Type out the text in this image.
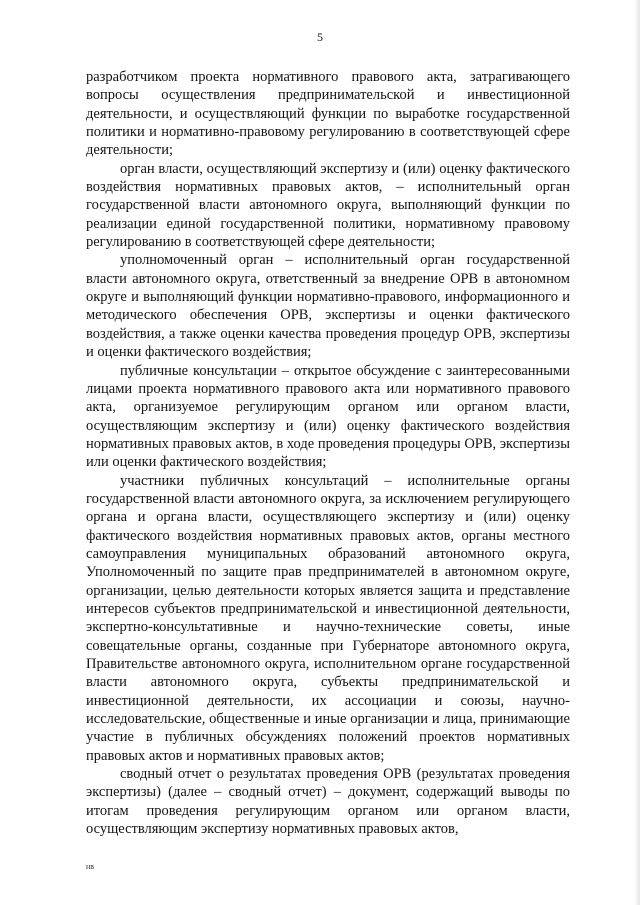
5

разработчиком проекта нормативного правового акта, затрагивающего вопросы осуществления предпринимательской и инвестиционной деятельности, и осуществляющий функции по выработке государственной политики и нормативно-правовому регулированию в соответствующей сфере деятельности;

орган власти, осуществляющий экспертизу и (или) оценку фактического воздействия нормативных правовых актов, – исполнительный орган государственной власти автономного округа, выполняющий функции по реализации единой государственной политики, нормативному правовому регулированию в соответствующей сфере деятельности;

уполномоченный орган – исполнительный орган государственной власти автономного округа, ответственный за внедрение ОРВ в автономном округе и выполняющий функции нормативно-правового, информационного и методического обеспечения ОРВ, экспертизы и оценки фактического воздействия, а также оценки качества проведения процедур ОРВ, экспертизы и оценки фактического воздействия;

публичные консультации – открытое обсуждение с заинтересованными лицами проекта нормативного правового акта или нормативного правового акта, организуемое регулирующим органом или органом власти, осуществляющим экспертизу и (или) оценку фактического воздействия нормативных правовых актов, в ходе проведения процедуры ОРВ, экспертизы или оценки фактического воздействия;

участники публичных консультаций – исполнительные органы государственной власти автономного округа, за исключением регулирующего органа и органа власти, осуществляющего экспертизу и (или) оценку фактического воздействия нормативных правовых актов, органы местного самоуправления муниципальных образований автономного округа, Уполномоченный по защите прав предпринимателей в автономном округе, организации, целью деятельности которых является защита и представление интересов субъектов предпринимательской и инвестиционной деятельности, экспертно-консультативные и научно-технические советы, иные совещательные органы, созданные при Губернаторе автономного округа, Правительстве автономного округа, исполнительном органе государственной власти автономного округа, субъекты предпринимательской и инвестиционной деятельности, их ассоциации и союзы, научно-исследовательские, общественные и иные организации и лица, принимающие участие в публичных обсуждениях положений проектов нормативных правовых актов и нормативных правовых актов;

сводный отчет о результатах проведения ОРВ (результатах проведения экспертизы) (далее – сводный отчет) – документ, содержащий выводы по итогам проведения регулирующим органом или органом власти, осуществляющим экспертизу нормативных правовых актов,

нв
